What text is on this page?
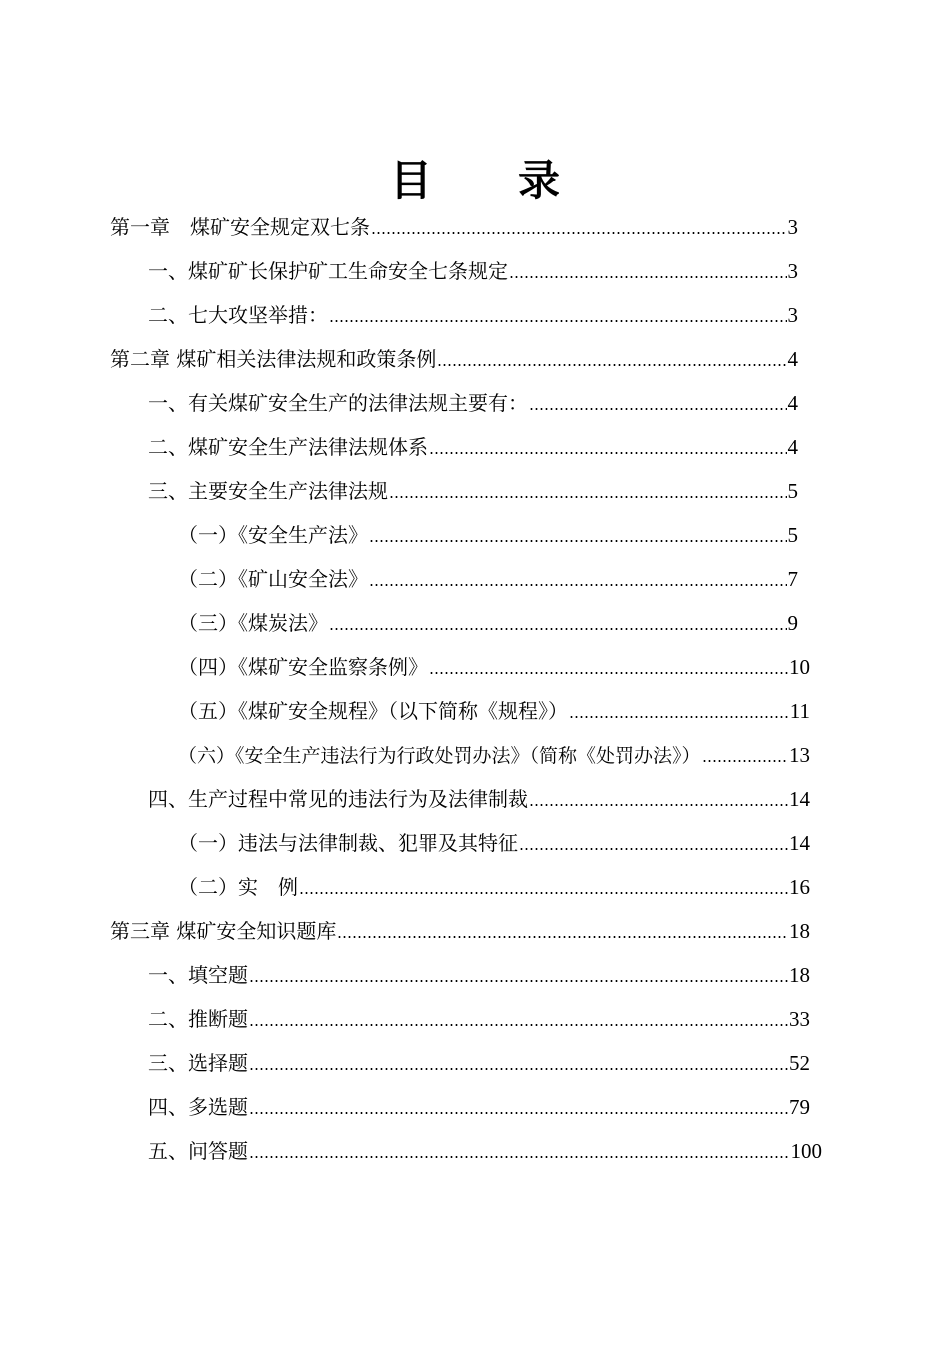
目 录
第一章　煤矿安全规定双七条	3
一、煤矿矿长保护矿工生命安全七条规定	3
二、七大攻坚举措：	3
第二章 煤矿相关法律法规和政策条例	4
一、有关煤矿安全生产的法律法规主要有：	4
二、煤矿安全生产法律法规体系	4
三、主要安全生产法律法规	5
（一）《安全生产法》	5
（二）《矿山安全法》	7
（三）《煤炭法》	9
（四）《煤矿安全监察条例》	10
（五）《煤矿安全规程》（以下简称《规程》）	11
（六）《安全生产违法行为行政处罚办法》（简称《处罚办法》）	13
四、生产过程中常见的违法行为及法律制裁	14
（一）违法与法律制裁、犯罪及其特征	14
（二）实　例	16
第三章 煤矿安全知识题库	18
一、填空题	18
二、推断题	33
三、选择题	52
四、多选题	79
五、问答题	100
